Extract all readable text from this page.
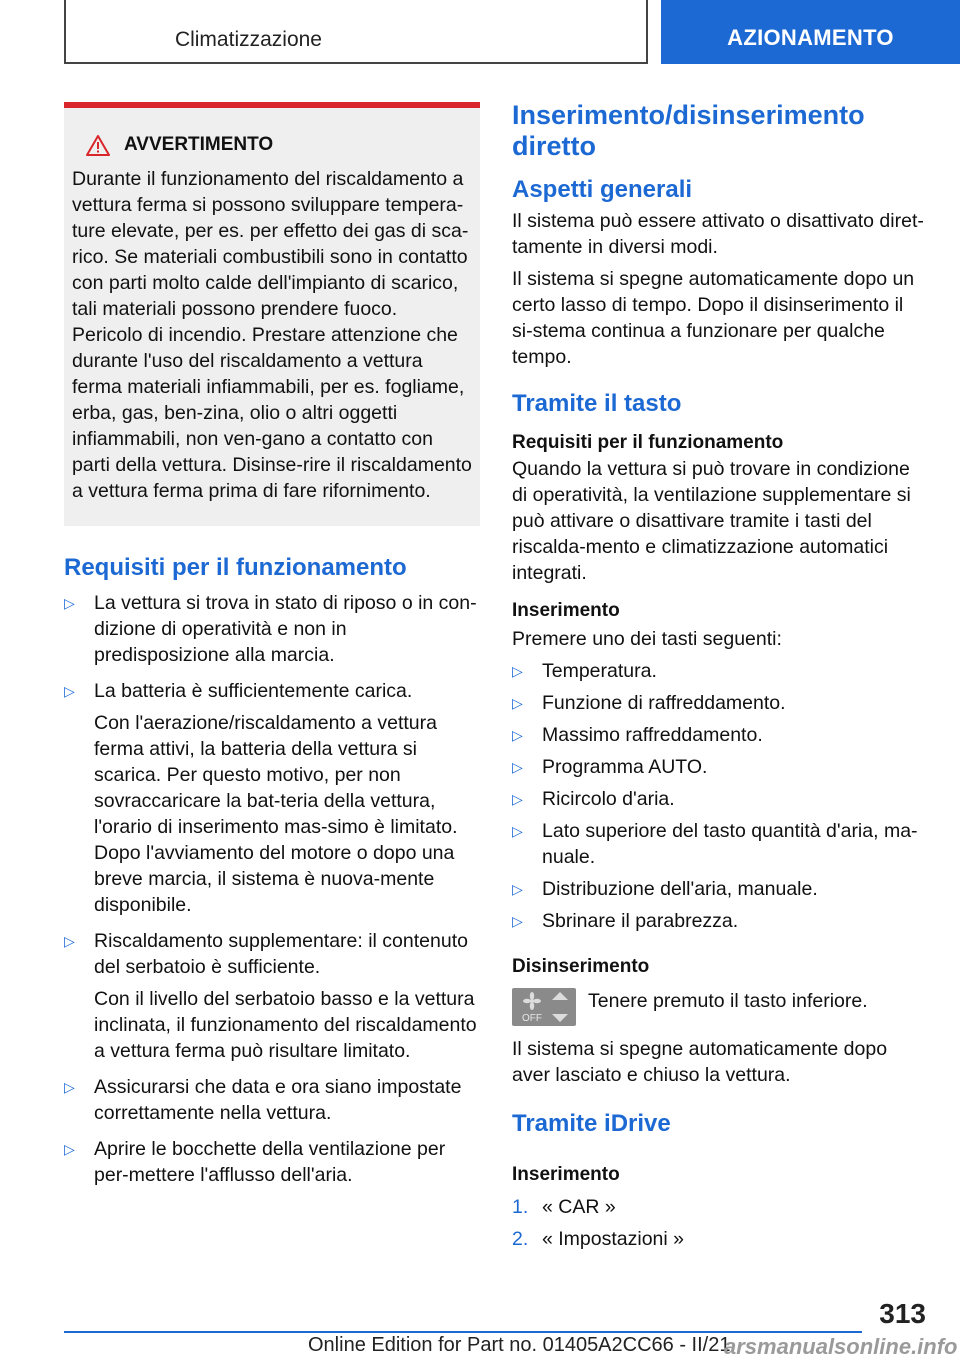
Climatizzazione	AZIONAMENTO
AVVERTIMENTO

Durante il funzionamento del riscaldamento a vettura ferma si possono sviluppare tempera-ture elevate, per es. per effetto dei gas di sca-rico. Se materiali combustibili sono in contatto con parti molto calde dell'impianto di scarico, tali materiali possono prendere fuoco. Pericolo di incendio. Prestare attenzione che durante l'uso del riscaldamento a vettura ferma materiali infiammabili, per es. fogliame, erba, gas, ben-zina, olio o altri oggetti infiammabili, non ven-gano a contatto con parti della vettura. Disinse-rire il riscaldamento a vettura ferma prima di fare rifornimento.

Requisiti per il funzionamento
▷ La vettura si trova in stato di riposo o in con-dizione di operatività e non in predisposizione alla marcia.
▷ La batteria è sufficientemente carica.
Con l'aerazione/riscaldamento a vettura ferma attivi, la batteria della vettura si scarica. Per questo motivo, per non sovraccaricare la bat-teria della vettura, l'orario di inserimento mas-simo è limitato. Dopo l'avviamento del motore o dopo una breve marcia, il sistema è nuova-mente disponibile.
▷ Riscaldamento supplementare: il contenuto del serbatoio è sufficiente.
Con il livello del serbatoio basso e la vettura inclinata, il funzionamento del riscaldamento a vettura ferma può risultare limitato.
▷ Assicurarsi che data e ora siano impostate correttamente nella vettura.
▷ Aprire le bocchette della ventilazione per per-mettere l'afflusso dell'aria.
Inserimento/disinserimento diretto
Aspetti generali

Il sistema può essere attivato o disattivato diret-tamente in diversi modi.

Il sistema si spegne automaticamente dopo un certo lasso di tempo. Dopo il disinserimento il si-stema continua a funzionare per qualche tempo.

Tramite il tasto
Requisiti per il funzionamento

Quando la vettura si può trovare in condizione di operatività, la ventilazione supplementare si può attivare o disattivare tramite i tasti del riscalda-mento e climatizzazione automatici integrati.

Inserimento

Premere uno dei tasti seguenti:

▷ Temperatura.
▷ Funzione di raffreddamento.
▷ Massimo raffreddamento.
▷ Programma AUTO.
▷ Ricircolo d'aria.
▷ Lato superiore del tasto quantità d'aria, ma-nuale.
▷ Distribuzione dell'aria, manuale.
▷ Sbrinare il parabrezza.
Disinserimento
OFF

Tenere premuto il tasto inferiore.

Il sistema si spegne automaticamente dopo aver lasciato e chiuso la vettura.

Tramite iDrive
Inserimento
1. « CAR »
2. « Impostazioni »
313
Online Edition for Part no. 01405A2CC66 - II/21
arsmanualsonline.info
